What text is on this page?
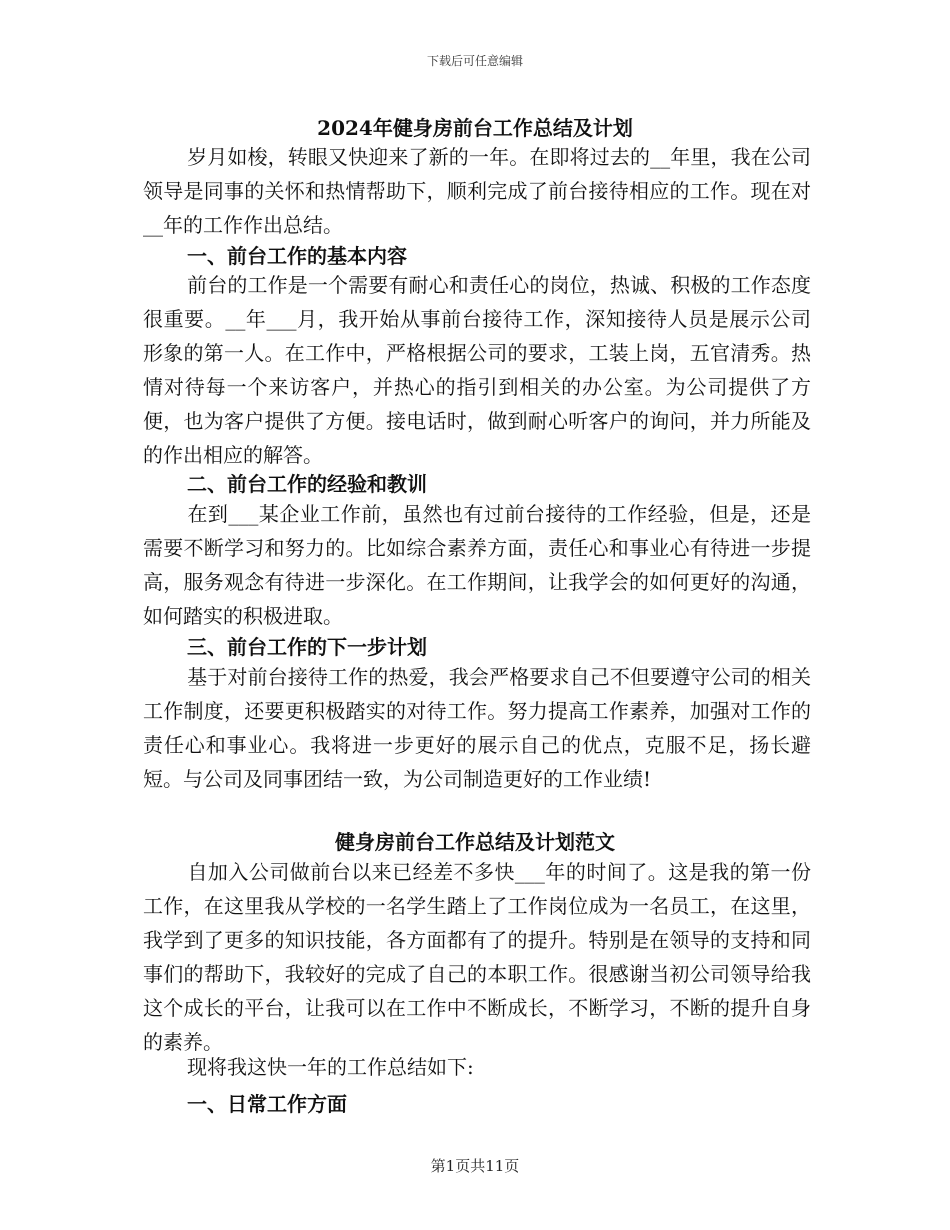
下载后可任意编辑
2024年健身房前台工作总结及计划
岁月如梭，转眼又快迎来了新的一年。在即将过去的__年里，我在公司领导是同事的关怀和热情帮助下，顺利完成了前台接待相应的工作。现在对__年的工作作出总结。
一、前台工作的基本内容
前台的工作是一个需要有耐心和责任心的岗位，热诚、积极的工作态度很重要。__年___月，我开始从事前台接待工作，深知接待人员是展示公司形象的第一人。在工作中，严格根据公司的要求，工装上岗，五官清秀。热情对待每一个来访客户，并热心的指引到相关的办公室。为公司提供了方便，也为客户提供了方便。接电话时，做到耐心听客户的询问，并力所能及的作出相应的解答。
二、前台工作的经验和教训
在到___某企业工作前，虽然也有过前台接待的工作经验，但是，还是需要不断学习和努力的。比如综合素养方面，责任心和事业心有待进一步提高，服务观念有待进一步深化。在工作期间，让我学会的如何更好的沟通，如何踏实的积极进取。
三、前台工作的下一步计划
基于对前台接待工作的热爱，我会严格要求自己不但要遵守公司的相关工作制度，还要更积极踏实的对待工作。努力提高工作素养，加强对工作的责任心和事业心。我将进一步更好的展示自己的优点，克服不足，扬长避短。与公司及同事团结一致，为公司制造更好的工作业绩!
健身房前台工作总结及计划范文
自加入公司做前台以来已经差不多快___年的时间了。这是我的第一份工作，在这里我从学校的一名学生踏上了工作岗位成为一名员工，在这里，我学到了更多的知识技能，各方面都有了的提升。特别是在领导的支持和同事们的帮助下，我较好的完成了自己的本职工作。很感谢当初公司领导给我这个成长的平台，让我可以在工作中不断成长，不断学习，不断的提升自身的素养。
现将我这快一年的工作总结如下:
一、日常工作方面
第1页共11页
